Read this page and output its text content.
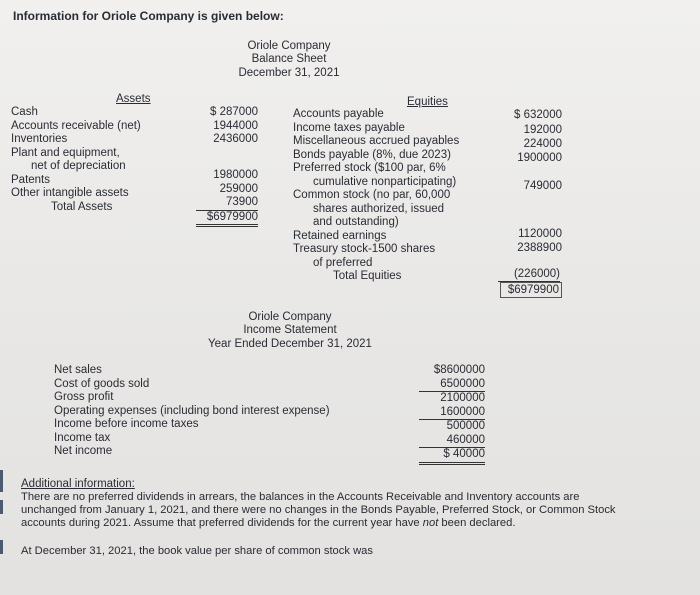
Information for Oriole Company is given below:
Oriole Company
Balance Sheet
December 31, 2021
Assets	Equities
Cash
Accounts receivable (net)
Inventories
Plant and equipment,
net of depreciation
Patents
Other intangible assets
Total Assets
$ 287000
1944000
2436000
1980000
259000
73900
$6979900
Accounts payable
Income taxes payable
Miscellaneous accrued payables
Bonds payable (8%, due 2023)
Preferred stock ($100 par, 6%
cumulative nonparticipating)
Common stock (no par, 60,000
shares authorized, issued
and outstanding)
Retained earnings
Treasury stock-1500 shares
of preferred
Total Equities
$ 632000
192000
224000
1900000
749000
1120000
2388900
(226000)
$6979900
Oriole Company
Income Statement
Year Ended December 31, 2021
Net sales
Cost of goods sold
Gross profit
Operating expenses (including bond interest expense)
Income before income taxes
Income tax
Net income
$8600000
6500000
2100000
1600000
500000
460000
$ 40000
Additional information:
There are no preferred dividends in arrears, the balances in the Accounts Receivable and Inventory accounts are
unchanged from January 1, 2021, and there were no changes in the Bonds Payable, Preferred Stock, or Common Stock
accounts during 2021. Assume that preferred dividends for the current year have not been declared.
At December 31, 2021, the book value per share of common stock was
